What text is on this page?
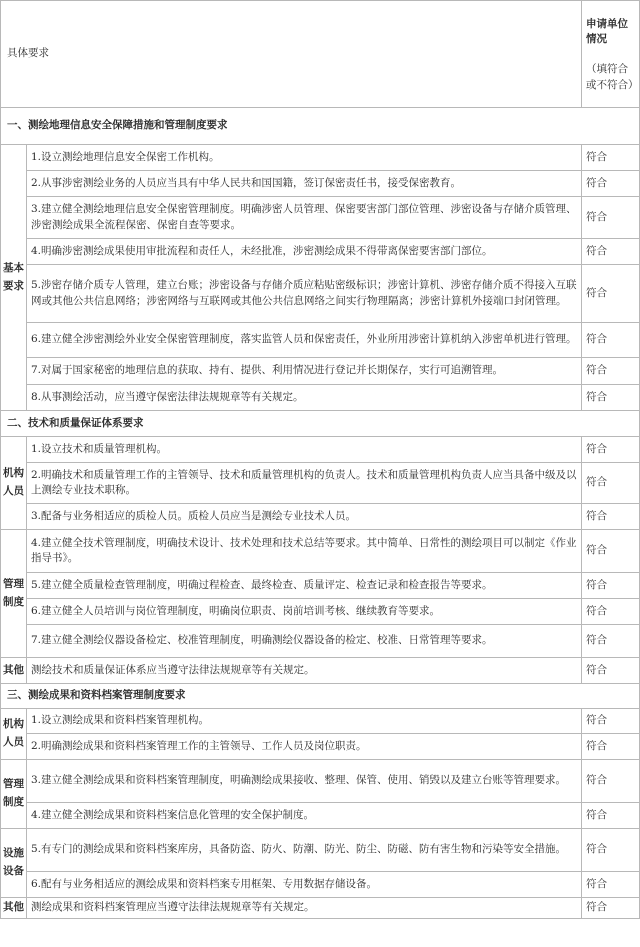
具体要求		申请单位情况
（填符合或不符合）

一、测绘地理信息安全保障措施和管理制度要求		

基本要求	1.设立测绘地理信息安全保密工作机构。	符合

	2.从事涉密测绘业务的人员应当具有中华人民共和国国籍，签订保密责任书，接受保密教育。	符合

	3.建立健全测绘地理信息安全保密管理制度。明确涉密人员管理、保密要害部门部位管理、涉密设备与存储介质管理、涉密测绘成果全流程保密、保密自查等要求。	符合

	4.明确涉密测绘成果使用审批流程和责任人，未经批准，涉密测绘成果不得带离保密要害部门部位。	符合

	5.涉密存储介质专人管理，建立台账；涉密设备与存储介质应粘贴密级标识；涉密计算机、涉密存储介质不得接入互联网或其他公共信息网络；涉密网络与互联网或其他公共信息网络之间实行物理隔离；涉密计算机外接端口封闭管理。	符合

	6.建立健全涉密测绘外业安全保密管理制度，落实监管人员和保密责任，外业所用涉密计算机纳入涉密单机进行管理。	符合

	7.对属于国家秘密的地理信息的获取、持有、提供、利用情况进行登记并长期保存，实行可追溯管理。	符合

	8.从事测绘活动，应当遵守保密法律法规规章等有关规定。	符合

二、技术和质量保证体系要求		

机构人员	1.设立技术和质量管理机构。	符合

	2.明确技术和质量管理工作的主管领导、技术和质量管理机构的负责人。技术和质量管理机构负责人应当具备中级及以上测绘专业技术职称。	符合

	3.配备与业务相适应的质检人员。质检人员应当是测绘专业技术人员。	符合

管理制度	4.建立健全技术管理制度，明确技术设计、技术处理和技术总结等要求。其中简单、日常性的测绘项目可以制定《作业指导书》。	符合

	5.建立健全质量检查管理制度，明确过程检查、最终检查、质量评定、检查记录和检查报告等要求。	符合

	6.建立健全人员培训与岗位管理制度，明确岗位职责、岗前培训考核、继续教育等要求。	符合

	7.建立健全测绘仪器设备检定、校准管理制度，明确测绘仪器设备的检定、校准、日常管理等要求。	符合

其他	测绘技术和质量保证体系应当遵守法律法规规章等有关规定。	符合

三、测绘成果和资料档案管理制度要求		

机构人员	1.设立测绘成果和资料档案管理机构。	符合

	2.明确测绘成果和资料档案管理工作的主管领导、工作人员及岗位职责。	符合

管理制度	3.建立健全测绘成果和资料档案管理制度，明确测绘成果接收、整理、保管、使用、销毁以及建立台账等管理要求。	符合

	4.建立健全测绘成果和资料档案信息化管理的安全保护制度。	符合

设施设备	5.有专门的测绘成果和资料档案库房，具备防盗、防火、防潮、防光、防尘、防磁、防有害生物和污染等安全措施。	符合

	6.配有与业务相适应的测绘成果和资料档案专用框架、专用数据存储设备。	符合

其他	测绘成果和资料档案管理应当遵守法律法规规章等有关规定。	符合
